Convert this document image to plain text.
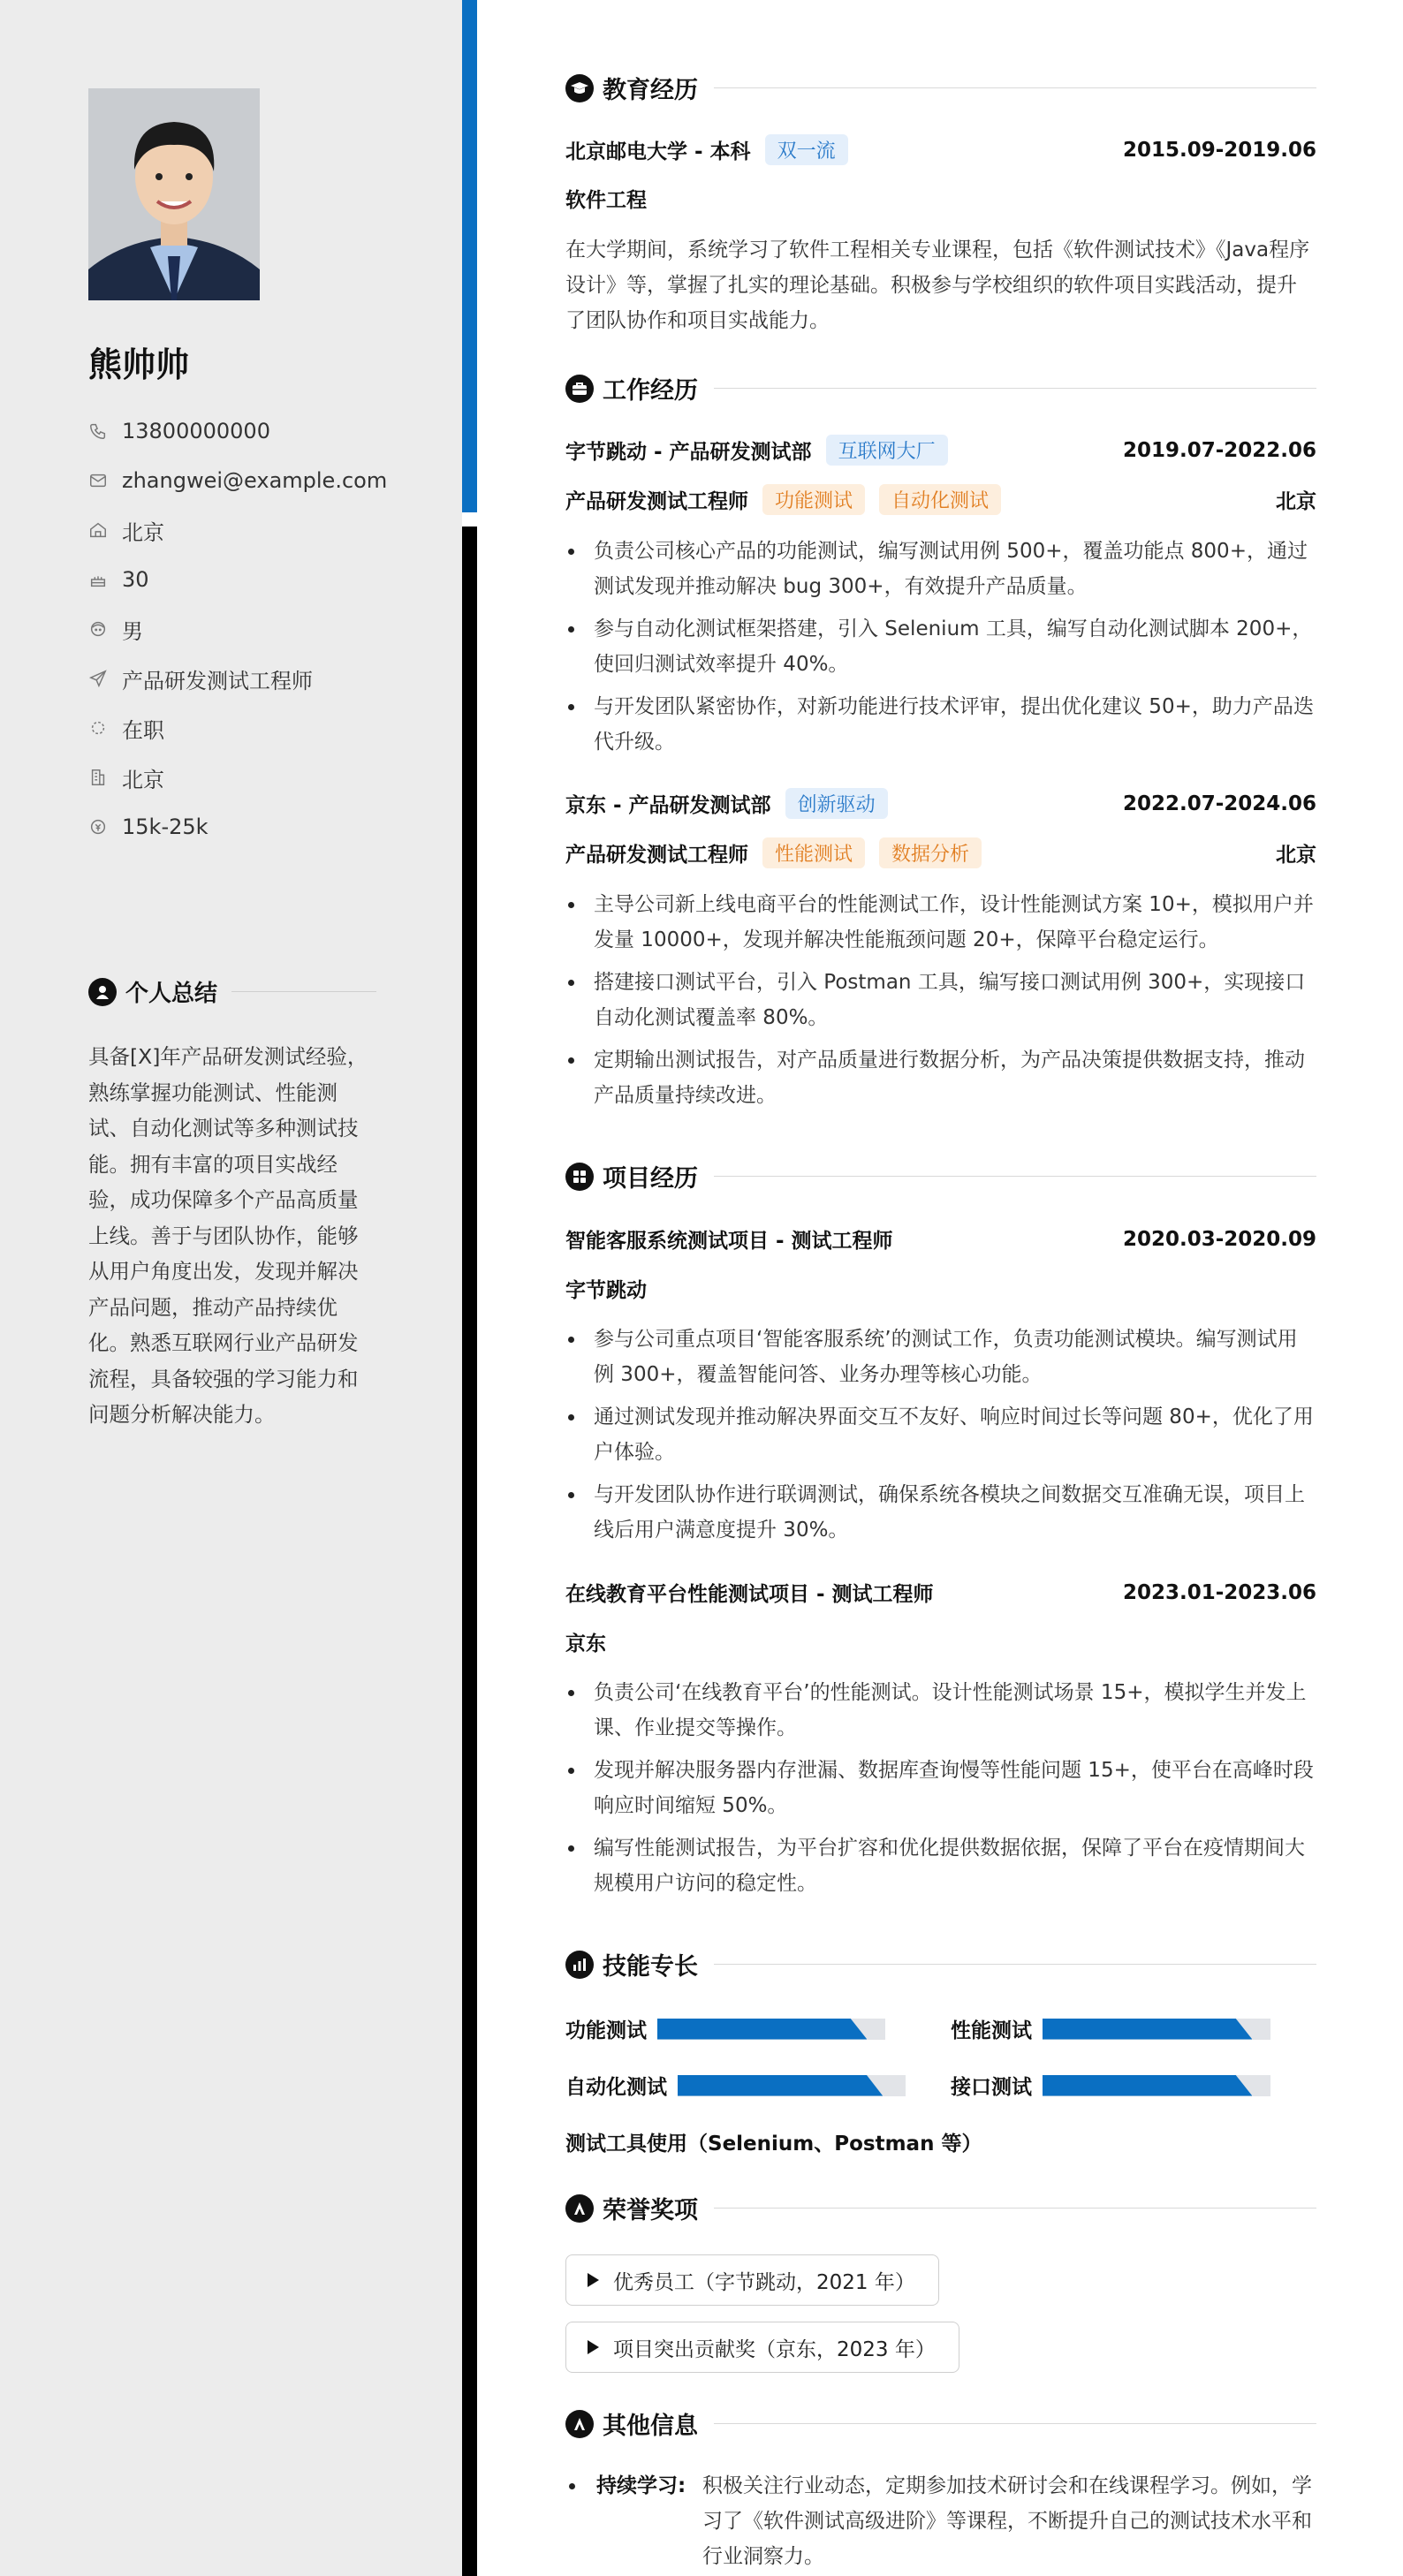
熊帅帅
13800000000
zhangwei@example.com
北京
30
男
产品研发测试工程师
在职
北京
15k-25k
个人总结
具备[X]年产品研发测试经验，熟练掌握功能测试、性能测试、自动化测试等多种测试技能。拥有丰富的项目实战经验，成功保障多个产品高质量上线。善于与团队协作，能够从用户角度出发，发现并解决产品问题，推动产品持续优化。熟悉互联网行业产品研发流程，具备较强的学习能力和问题分析解决能力。
教育经历
北京邮电大学 - 本科	双一流	2015.09-2019.06
软件工程
在大学期间，系统学习了软件工程相关专业课程，包括《软件测试技术》《Java程序设计》等，掌握了扎实的理论基础。积极参与学校组织的软件项目实践活动，提升了团队协作和项目实战能力。
工作经历
字节跳动 - 产品研发测试部	互联网大厂	2019.07-2022.06
产品研发测试工程师	功能测试	自动化测试	北京
负责公司核心产品的功能测试，编写测试用例 500+，覆盖功能点 800+，通过测试发现并推动解决 bug 300+，有效提升产品质量。
参与自动化测试框架搭建，引入 Selenium 工具，编写自动化测试脚本 200+，使回归测试效率提升 40%。
与开发团队紧密协作，对新功能进行技术评审，提出优化建议 50+，助力产品迭代升级。
京东 - 产品研发测试部	创新驱动	2022.07-2024.06
产品研发测试工程师	性能测试	数据分析	北京
主导公司新上线电商平台的性能测试工作，设计性能测试方案 10+，模拟用户并发量 10000+，发现并解决性能瓶颈问题 20+，保障平台稳定运行。
搭建接口测试平台，引入 Postman 工具，编写接口测试用例 300+，实现接口自动化测试覆盖率 80%。
定期输出测试报告，对产品质量进行数据分析，为产品决策提供数据支持，推动产品质量持续改进。
项目经历
智能客服系统测试项目 - 测试工程师	2020.03-2020.09
字节跳动
参与公司重点项目‘智能客服系统’的测试工作，负责功能测试模块。编写测试用例 300+，覆盖智能问答、业务办理等核心功能。
通过测试发现并推动解决界面交互不友好、响应时间过长等问题 80+，优化了用户体验。
与开发团队协作进行联调测试，确保系统各模块之间数据交互准确无误，项目上线后用户满意度提升 30%。
在线教育平台性能测试项目 - 测试工程师	2023.01-2023.06
京东
负责公司‘在线教育平台’的性能测试。设计性能测试场景 15+，模拟学生并发上课、作业提交等操作。
发现并解决服务器内存泄漏、数据库查询慢等性能问题 15+，使平台在高峰时段响应时间缩短 50%。
编写性能测试报告，为平台扩容和优化提供数据依据，保障了平台在疫情期间大规模用户访问的稳定性。
技能专长
功能测试	性能测试
自动化测试	接口测试
测试工具使用（Selenium、Postman 等）
荣誉奖项
优秀员工（字节跳动，2021 年）
项目突出贡献奖（京东，2023 年）
其他信息
持续学习: 积极关注行业动态，定期参加技术研讨会和在线课程学习。例如，学习了《软件测试高级进阶》等课程，不断提升自己的测试技术水平和行业洞察力。
